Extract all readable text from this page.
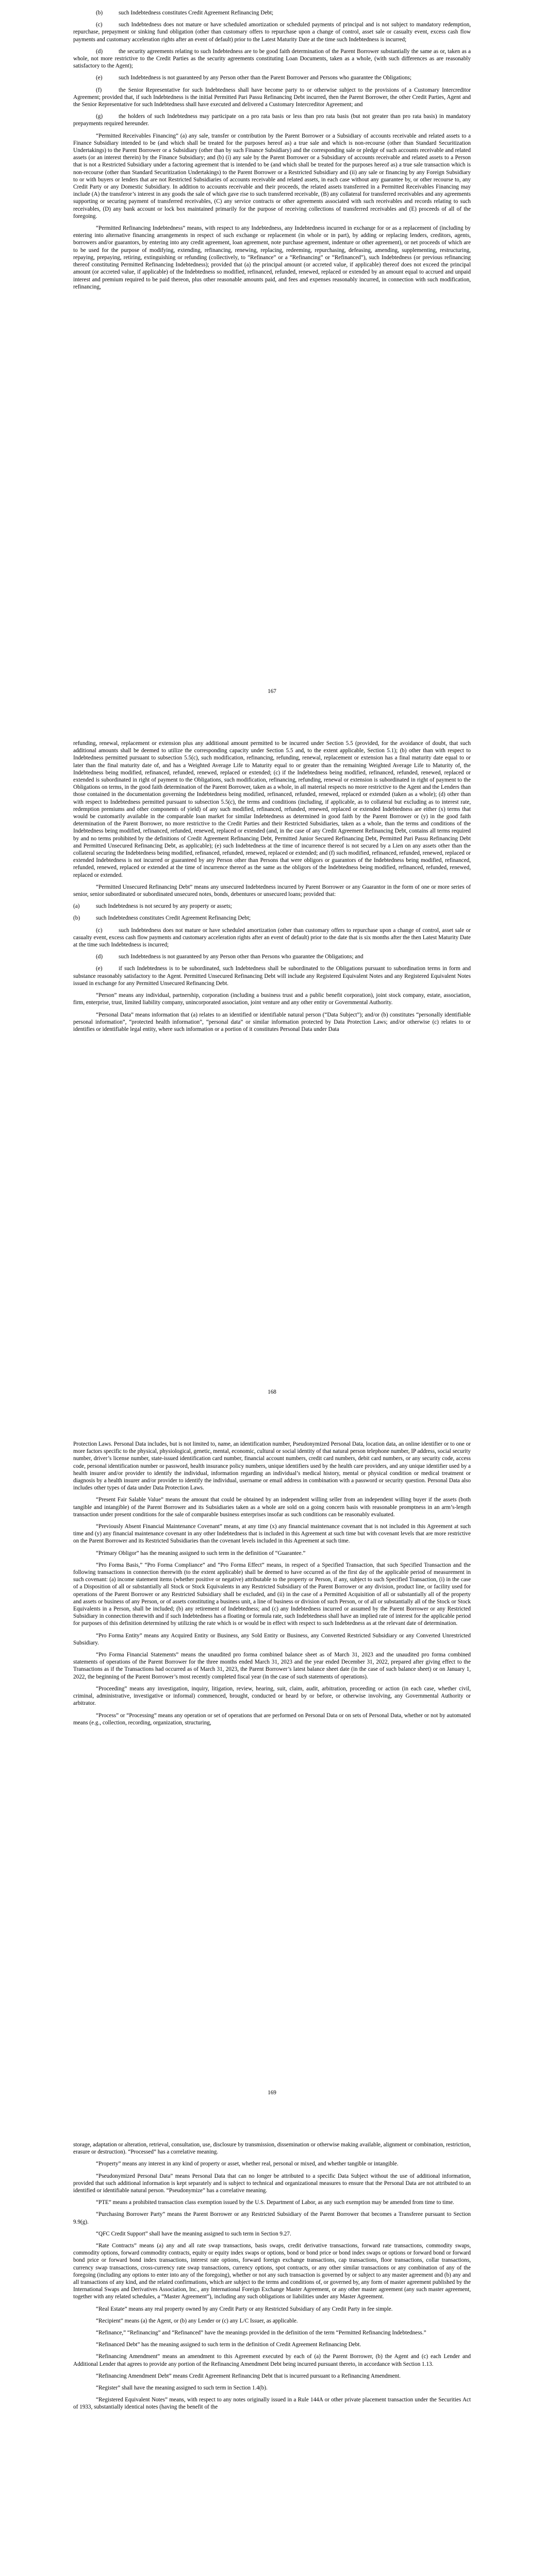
(b)	such Indebtedness constitutes Credit Agreement Refinancing Debt;

(c)	such Indebtedness does not mature or have scheduled amortization or scheduled payments of principal and is not subject to mandatory redemption, repurchase, prepayment or sinking fund obligation (other than customary offers to repurchase upon a change of control, asset sale or casualty event, excess cash flow payments and customary acceleration rights after an event of default) prior to the Latest Maturity Date at the time such Indebtedness is incurred;

(d)	the security agreements relating to such Indebtedness are to be good faith determination of the Parent Borrower substantially the same as or, taken as a whole, not more restrictive to the Credit Parties as the security agreements constituting Loan Documents, taken as a whole, (with such differences as are reasonably satisfactory to the Agent);

(e)	such Indebtedness is not guaranteed by any Person other than the Parent Borrower and Persons who guarantee the Obligations;

(f)	the Senior Representative for such Indebtedness shall have become party to or otherwise subject to the provisions of a Customary Intercreditor Agreement; provided that, if such Indebtedness is the initial Permitted Pari Passu Refinancing Debt incurred, then the Parent Borrower, the other Credit Parties, Agent and the Senior Representative for such Indebtedness shall have executed and delivered a Customary Intercreditor Agreement; and

(g)	the holders of such Indebtedness may participate on a pro rata basis or less than pro rata basis (but not greater than pro rata basis) in mandatory prepayments required hereunder.

“Permitted Receivables Financing” (a) any sale, transfer or contribution by the Parent Borrower or a Subsidiary of accounts receivable and related assets to a Finance Subsidiary intended to be (and which shall be treated for the purposes hereof as) a true sale and which is non-recourse (other than Standard Securitization Undertakings) to the Parent Borrower or a Subsidiary (other than by such Finance Subsidiary) and the corresponding sale or pledge of such accounts receivable and related assets (or an interest therein) by the Finance Subsidiary; and (b) (i) any sale by the Parent Borrower or a Subsidiary of accounts receivable and related assets to a Person that is not a Restricted Subsidiary under a factoring agreement that is intended to be (and which shall be treated for the purposes hereof as) a true sale transaction which is non-recourse (other than Standard Securitization Undertakings) to the Parent Borrower or a Restricted Subsidiary and (ii) any sale or financing by any Foreign Subsidiary to or with buyers or lenders that are not Restricted Subsidiaries of accounts receivable and related assets, in each case without any guarantee by, or other recourse to, any Credit Party or any Domestic Subsidiary. In addition to accounts receivable and their proceeds, the related assets transferred in a Permitted Receivables Financing may include (A) the transferor’s interest in any goods the sale of which gave rise to such transferred receivable, (B) any collateral for transferred receivables and any agreements supporting or securing payment of transferred receivables, (C) any service contracts or other agreements associated with such receivables and records relating to such receivables, (D) any bank account or lock box maintained primarily for the purpose of receiving collections of transferred receivables and (E) proceeds of all of the foregoing.

“Permitted Refinancing Indebtedness” means, with respect to any Indebtedness, any Indebtedness incurred in exchange for or as a replacement of (including by entering into alternative financing arrangements in respect of such exchange or replacement (in whole or in part), by adding or replacing lenders, creditors, agents, borrowers and/or guarantors, by entering into any credit agreement, loan agreement, note purchase agreement, indenture or other agreement), or net proceeds of which are to be used for the purpose of modifying, extending, refinancing, renewing, replacing, redeeming, repurchasing, defeasing, amending, supplementing, restructuring, repaying, prepaying, retiring, extinguishing or refunding (collectively, to “Refinance” or a “Refinancing” or “Refinanced”), such Indebtedness (or previous refinancing thereof constituting Permitted Refinancing Indebtedness); provided that (a) the principal amount (or accreted value, if applicable) thereof does not exceed the principal amount (or accreted value, if applicable) of the Indebtedness so modified, refinanced, refunded, renewed, replaced or extended by an amount equal to accrued and unpaid interest and premium required to be paid thereon, plus other reasonable amounts paid, and fees and expenses reasonably incurred, in connection with such modification, refinancing,

167

refunding, renewal, replacement or extension plus any additional amount permitted to be incurred under Section 5.5 (provided, for the avoidance of doubt, that such additional amounts shall be deemed to utilize the corresponding capacity under Section 5.5 and, to the extent applicable, Section 5.1); (b) other than with respect to Indebtedness permitted pursuant to subsection 5.5(c), such modification, refinancing, refunding, renewal, replacement or extension has a final maturity date equal to or later than the final maturity date of, and has a Weighted Average Life to Maturity equal to or greater than the remaining Weighted Average Life to Maturity of, the Indebtedness being modified, refinanced, refunded, renewed, replaced or extended; (c) if the Indebtedness being modified, refinanced, refunded, renewed, replaced or extended is subordinated in right of payment to the Obligations, such modification, refinancing, refunding, renewal or extension is subordinated in right of payment to the Obligations on terms, in the good faith determination of the Parent Borrower, taken as a whole, in all material respects no more restrictive to the Agent and the Lenders than those contained in the documentation governing the Indebtedness being modified, refinanced, refunded, renewed, replaced or extended (taken as a whole); (d) other than with respect to Indebtedness permitted pursuant to subsection 5.5(c), the terms and conditions (including, if applicable, as to collateral but excluding as to interest rate, redemption premiums and other components of yield) of any such modified, refinanced, refunded, renewed, replaced or extended Indebtedness are either (x) terms that would be customarily available in the comparable loan market for similar Indebtedness as determined in good faith by the Parent Borrower or (y) in the good faith determination of the Parent Borrower, no more restrictive to the Credit Parties and their Restricted Subsidiaries, taken as a whole, than the terms and conditions of the Indebtedness being modified, refinanced, refunded, renewed, replaced or extended (and, in the case of any Credit Agreement Refinancing Debt, contains all terms required by and no terms prohibited by the definitions of Credit Agreement Refinancing Debt, Permitted Junior Secured Refinancing Debt, Permitted Pari Passu Refinancing Debt and Permitted Unsecured Refinancing Debt, as applicable); (e) such Indebtedness at the time of incurrence thereof is not secured by a Lien on any assets other than the collateral securing the Indebtedness being modified, refinanced, refunded, renewed, replaced or extended; and (f) such modified, refinanced, refunded, renewed, replaced or extended Indebtedness is not incurred or guaranteed by any Person other than Persons that were obligors or guarantors of the Indebtedness being modified, refinanced, refunded, renewed, replaced or extended at the time of incurrence thereof as the same as the obligors of the Indebtedness being modified, refinanced, refunded, renewed, replaced or extended.

“Permitted Unsecured Refinancing Debt” means any unsecured Indebtedness incurred by Parent Borrower or any Guarantor in the form of one or more series of senior, senior subordinated or subordinated unsecured notes, bonds, debentures or unsecured loans; provided that:

(a)	such Indebtedness is not secured by any property or assets;

(b)	such Indebtedness constitutes Credit Agreement Refinancing Debt;

(c)	such Indebtedness does not mature or have scheduled amortization (other than customary offers to repurchase upon a change of control, asset sale or casualty event, excess cash flow payments and customary acceleration rights after an event of default) prior to the date that is six months after the then Latest Maturity Date at the time such Indebtedness is incurred;

(d)	such Indebtedness is not guaranteed by any Person other than Persons who guarantee the Obligations; and

(e)	if such Indebtedness is to be subordinated, such Indebtedness shall be subordinated to the Obligations pursuant to subordination terms in form and substance reasonably satisfactory to the Agent. Permitted Unsecured Refinancing Debt will include any Registered Equivalent Notes and any Registered Equivalent Notes issued in exchange for any Permitted Unsecured Refinancing Debt.

“Person” means any individual, partnership, corporation (including a business trust and a public benefit corporation), joint stock company, estate, association, firm, enterprise, trust, limited liability company, unincorporated association, joint venture and any other entity or Governmental Authority.

“Personal Data” means information that (a) relates to an identified or identifiable natural person (“Data Subject”); and/or (b) constitutes “personally identifiable personal information”, “protected health information”, “personal data” or similar information protected by Data Protection Laws; and/or otherwise (c) relates to or identifies or identifiable legal entity, where such information or a portion of it constitutes Personal Data under Data

168

Protection Laws. Personal Data includes, but is not limited to, name, an identification number, Pseudonymized Personal Data, location data, an online identifier or to one or more factors specific to the physical, physiological, genetic, mental, economic, cultural or social identity of that natural person telephone number, IP address, social security number, driver’s license number, state-issued identification card number, financial account numbers, credit card numbers, debit card numbers, or any security code, access code, personal identification number or password, health insurance policy numbers, unique identifiers used by the health care providers, and any unique identifier used by a health insurer and/or provider to identify the individual, information regarding an individual’s medical history, mental or physical condition or medical treatment or diagnosis by a health insurer and/or provider to identify the individual, username or email address in combination with a password or security question. Personal Data also includes other types of data under Data Protection Laws.

“Present Fair Salable Value” means the amount that could be obtained by an independent willing seller from an independent willing buyer if the assets (both tangible and intangible) of the Parent Borrower and its Subsidiaries taken as a whole are sold on a going concern basis with reasonable promptness in an arm’s-length transaction under present conditions for the sale of comparable business enterprises insofar as such conditions can be reasonably evaluated.

“Previously Absent Financial Maintenance Covenant” means, at any time (x) any financial maintenance covenant that is not included in this Agreement at such time and (y) any financial maintenance covenant in any other Indebtedness that is included in this Agreement at such time but with covenant levels that are more restrictive on the Parent Borrower and its Restricted Subsidiaries than the covenant levels included in this Agreement at such time.

“Primary Obligor” has the meaning assigned to such term in the definition of “Guarantee.”

“Pro Forma Basis,” “Pro Forma Compliance” and “Pro Forma Effect” means, in respect of a Specified Transaction, that such Specified Transaction and the following transactions in connection therewith (to the extent applicable) shall be deemed to have occurred as of the first day of the applicable period of measurement in such covenant: (a) income statement items (whether positive or negative) attributable to the property or Person, if any, subject to such Specified Transaction, (i) in the case of a Disposition of all or substantially all Stock or Stock Equivalents in any Restricted Subsidiary of the Parent Borrower or any division, product line, or facility used for operations of the Parent Borrower or any Restricted Subsidiary shall be excluded, and (ii) in the case of a Permitted Acquisition of all or substantially all of the property and assets or business of any Person, or of assets constituting a business unit, a line of business or division of such Person, or of all or substantially all of the Stock or Stock Equivalents in a Person, shall be included; (b) any retirement of Indebtedness; and (c) any Indebtedness incurred or assumed by the Parent Borrower or any Restricted Subsidiary in connection therewith and if such Indebtedness has a floating or formula rate, such Indebtedness shall have an implied rate of interest for the applicable period for purposes of this definition determined by utilizing the rate which is or would be in effect with respect to such Indebtedness as at the relevant date of determination.

“Pro Forma Entity” means any Acquired Entity or Business, any Sold Entity or Business, any Converted Restricted Subsidiary or any Converted Unrestricted Subsidiary.

“Pro Forma Financial Statements” means the unaudited pro forma combined balance sheet as of March 31, 2023 and the unaudited pro forma combined statements of operations of the Parent Borrower for the three months ended March 31, 2023 and the year ended December 31, 2022, prepared after giving effect to the Transactions as if the Transactions had occurred as of March 31, 2023, the Parent Borrower’s latest balance sheet date (in the case of such balance sheet) or on January 1, 2022, the beginning of the Parent Borrower’s most recently completed fiscal year (in the case of such statements of operations).

“Proceeding” means any investigation, inquiry, litigation, review, hearing, suit, claim, audit, arbitration, proceeding or action (in each case, whether civil, criminal, administrative, investigative or informal) commenced, brought, conducted or heard by or before, or otherwise involving, any Governmental Authority or arbitrator.

“Process” or “Processing” means any operation or set of operations that are performed on Personal Data or on sets of Personal Data, whether or not by automated means (e.g., collection, recording, organization, structuring,

169

storage, adaptation or alteration, retrieval, consultation, use, disclosure by transmission, dissemination or otherwise making available, alignment or combination, restriction, erasure or destruction). “Processed” has a correlative meaning.

“Property” means any interest in any kind of property or asset, whether real, personal or mixed, and whether tangible or intangible.

“Pseudonymized Personal Data” means Personal Data that can no longer be attributed to a specific Data Subject without the use of additional information, provided that such additional information is kept separately and is subject to technical and organizational measures to ensure that the Personal Data are not attributed to an identified or identifiable natural person. “Pseudonymize” has a correlative meaning.

“PTE” means a prohibited transaction class exemption issued by the U.S. Department of Labor, as any such exemption may be amended from time to time.

“Purchasing Borrower Party” means the Parent Borrower or any Restricted Subsidiary of the Parent Borrower that becomes a Transferee pursuant to Section 9.9(g).

“QFC Credit Support” shall have the meaning assigned to such term in Section 9.27.

“Rate Contracts” means (a) any and all rate swap transactions, basis swaps, credit derivative transactions, forward rate transactions, commodity swaps, commodity options, forward commodity contracts, equity or equity index swaps or options, bond or bond price or bond index swaps or options or forward bond or forward bond price or forward bond index transactions, interest rate options, forward foreign exchange transactions, cap transactions, floor transactions, collar transactions, currency swap transactions, cross-currency rate swap transactions, currency options, spot contracts, or any other similar transactions or any combination of any of the foregoing (including any options to enter into any of the foregoing), whether or not any such transaction is governed by or subject to any master agreement and (b) any and all transactions of any kind, and the related confirmations, which are subject to the terms and conditions of, or governed by, any form of master agreement published by the International Swaps and Derivatives Association, Inc., any International Foreign Exchange Master Agreement, or any other master agreement (any such master agreement, together with any related schedules, a “Master Agreement”), including any such obligations or liabilities under any Master Agreement.

“Real Estate” means any real property owned by any Credit Party or any Restricted Subsidiary of any Credit Party in fee simple.

“Recipient” means (a) the Agent, or (b) any Lender or (c) any L/C Issuer, as applicable.

“Refinance,” “Refinancing” and “Refinanced” have the meanings provided in the definition of the term “Permitted Refinancing Indebtedness.”

“Refinanced Debt” has the meaning assigned to such term in the definition of Credit Agreement Refinancing Debt.

“Refinancing Amendment” means an amendment to this Agreement executed by each of (a) the Parent Borrower, (b) the Agent and (c) each Lender and Additional Lender that agrees to provide any portion of the Refinancing Amendment Debt being incurred pursuant thereto, in accordance with Section 1.13.

“Refinancing Amendment Debt” means Credit Agreement Refinancing Debt that is incurred pursuant to a Refinancing Amendment.

“Register” shall have the meaning assigned to such term in Section 1.4(b).

“Registered Equivalent Notes” means, with respect to any notes originally issued in a Rule 144A or other private placement transaction under the Securities Act of 1933, substantially identical notes (having the benefit of the
